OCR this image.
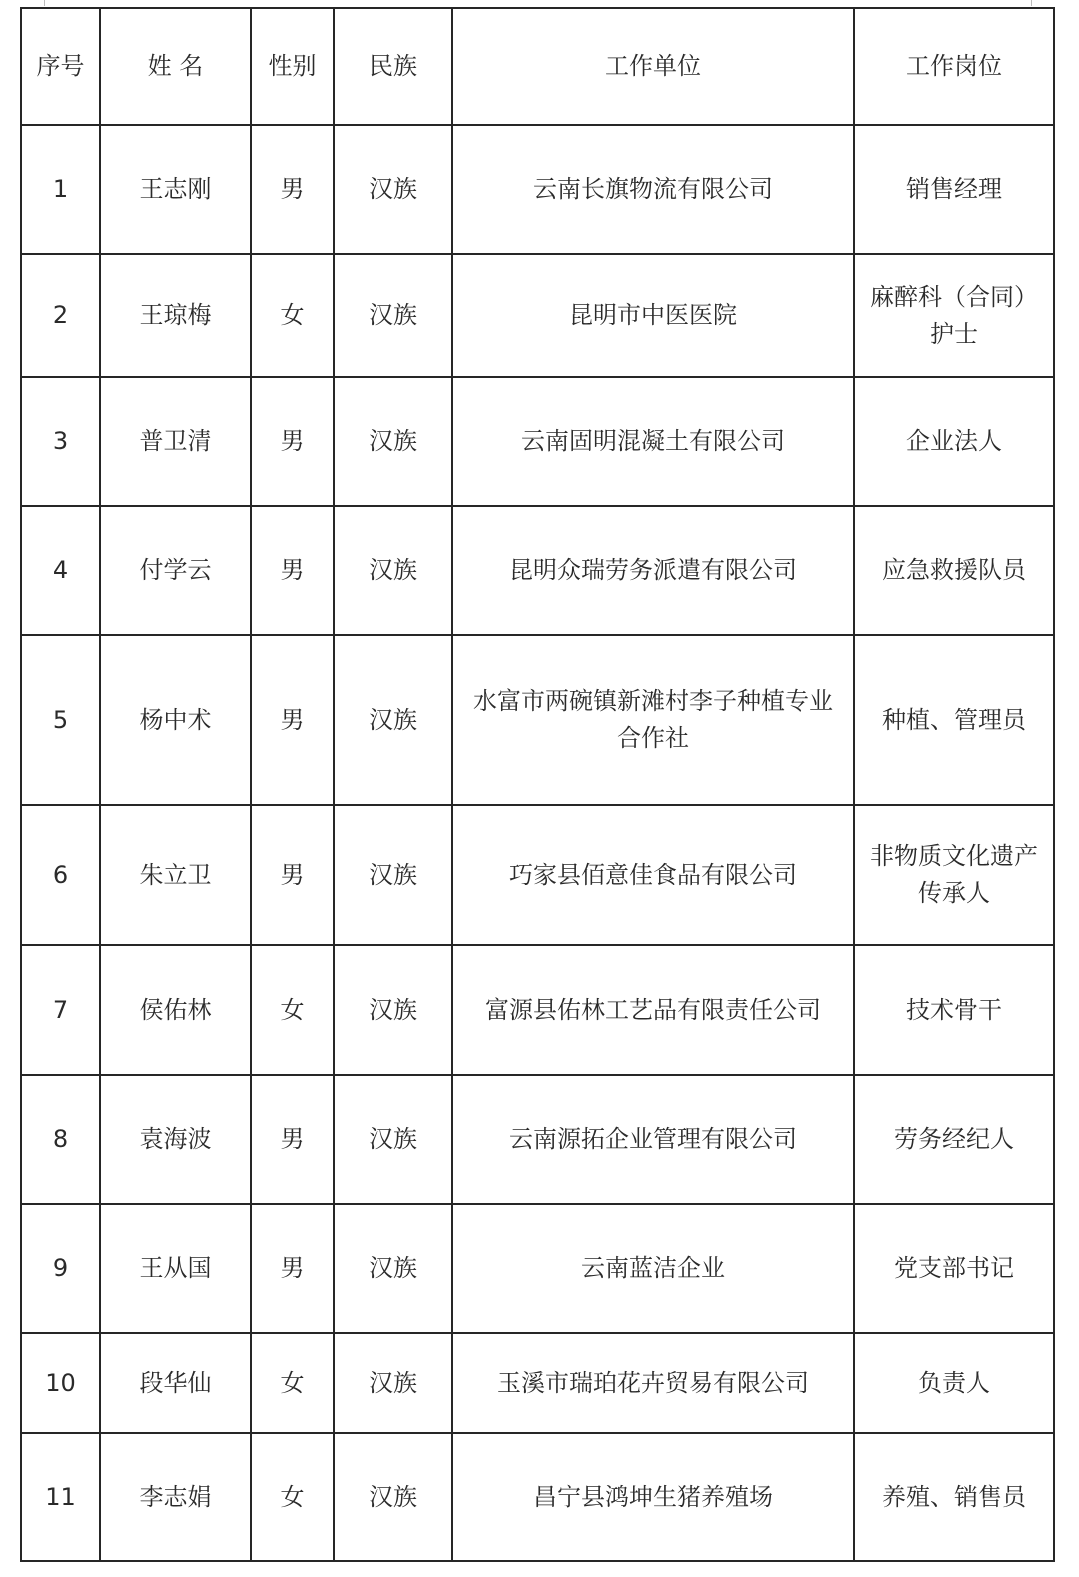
序号	姓 名	性别	民族	工作单位	工作岗位
1	王志刚	男	汉族	云南长旗物流有限公司	销售经理
2	王琼梅	女	汉族	昆明市中医医院	麻醉科（合同）护士
3	普卫清	男	汉族	云南固明混凝土有限公司	企业法人
4	付学云	男	汉族	昆明众瑞劳务派遣有限公司	应急救援队员
5	杨中术	男	汉族	水富市两碗镇新滩村李子种植专业合作社	种植、管理员
6	朱立卫	男	汉族	巧家县佰意佳食品有限公司	非物质文化遗产传承人
7	侯佑林	女	汉族	富源县佑林工艺品有限责任公司	技术骨干
8	袁海波	男	汉族	云南源拓企业管理有限公司	劳务经纪人
9	王从国	男	汉族	云南蓝洁企业	党支部书记
10	段华仙	女	汉族	玉溪市瑞珀花卉贸易有限公司	负责人
11	李志娟	女	汉族	昌宁县鸿坤生猪养殖场	养殖、销售员
